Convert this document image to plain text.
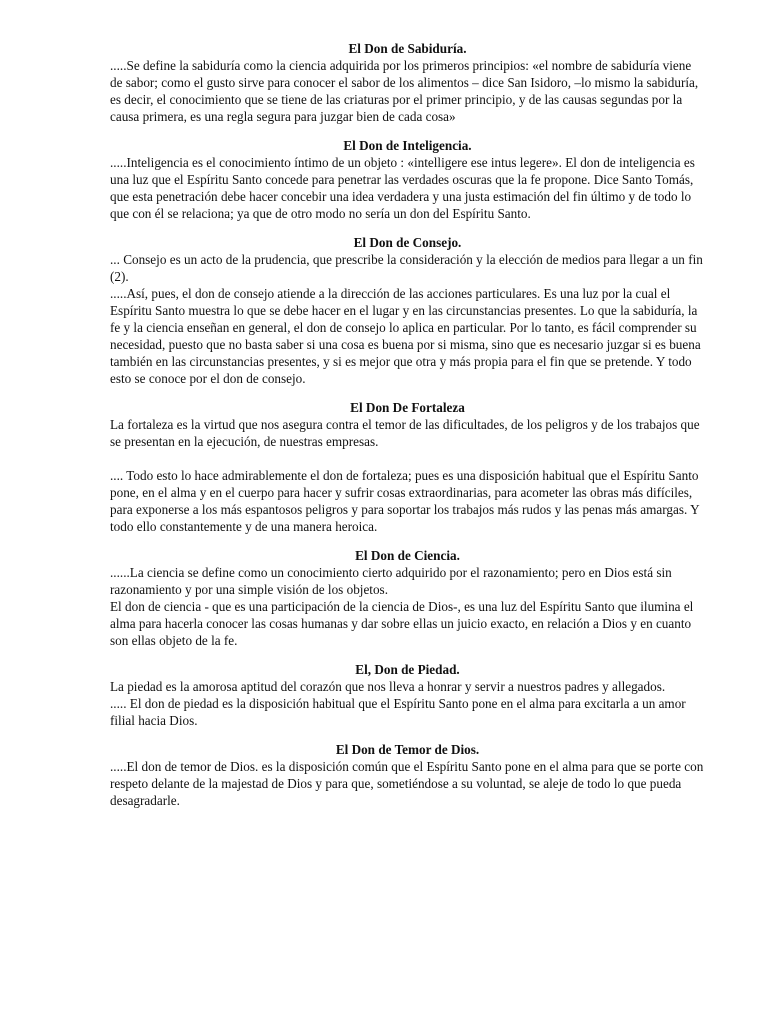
El Don de Sabiduría.

.....Se define la sabiduría como la ciencia adquirida por los primeros principios: «el nombre de sabiduría viene de sabor; como el gusto sirve para conocer el sabor de los alimentos – dice San Isidoro, –lo mismo la sabiduría, es decir, el conocimiento que se tiene de las criaturas por el primer principio, y de las causas segundas por la causa primera, es una regla segura para juzgar bien de cada cosa»

El Don de Inteligencia.

.....Inteligencia es el conocimiento íntimo de un objeto : «intelligere ese intus legere». El don de inteligencia es una luz que el Espíritu Santo concede para penetrar las verdades oscuras que la fe propone. Dice Santo Tomás, que esta penetración debe hacer concebir una idea verdadera y una justa estimación del fin último y de todo lo que con él se relaciona; ya que de otro modo no sería un don del Espíritu Santo.

El Don de Consejo.

... Consejo es un acto de la prudencia, que prescribe la consideración y la elección de medios para llegar a un fin (2).

.....Así, pues, el don de consejo atiende a la dirección de las acciones particulares. Es una luz por la cual el Espíritu Santo muestra lo que se debe hacer en el lugar y en las circunstancias presentes. Lo que la sabiduría, la fe y la ciencia enseñan en general, el don de consejo lo aplica en particular. Por lo tanto, es fácil comprender su necesidad, puesto que no basta saber si una cosa es buena por si misma, sino que es necesario juzgar si es buena también en las circunstancias presentes, y si es mejor que otra y más propia para el fin que se pretende. Y todo esto se conoce por el don de consejo.

El Don De Fortaleza

La fortaleza es la virtud que nos asegura contra el temor de las dificultades, de los peligros y de los trabajos que se presentan en la ejecución, de nuestras empresas.

.... Todo esto lo hace admirablemente el don de fortaleza; pues es una disposición habitual que el Espíritu Santo pone, en el alma y en el cuerpo para hacer y sufrir cosas extraordinarias, para acometer las obras más difíciles, para exponerse a los más espantosos peligros y para soportar los trabajos más rudos y las penas más amargas. Y todo ello constantemente y de una manera heroica.

El Don de Ciencia.

......La ciencia se define como un conocimiento cierto adquirido por el razonamiento; pero en Dios está sin razonamiento y por una simple visión de los objetos.

El don de ciencia - que es una participación de la ciencia de Dios-, es una luz del Espíritu Santo que ilumina el alma para hacerla conocer las cosas humanas y dar sobre ellas un juicio exacto, en relación a Dios y en cuanto son ellas objeto de la fe.

El, Don de Piedad.

La piedad es la amorosa aptitud del corazón que nos lleva a honrar y servir a nuestros padres y allegados.

..... El don de piedad es la disposición habitual que el Espíritu Santo pone en el alma para excitarla a un amor filial hacia Dios.

El Don de Temor de Dios.

.....El don de temor de Dios. es la disposición común que el Espíritu Santo pone en el alma para que se porte con respeto delante de la majestad de Dios y para que, sometiéndose a su voluntad, se aleje de todo lo que pueda desagradarle.
